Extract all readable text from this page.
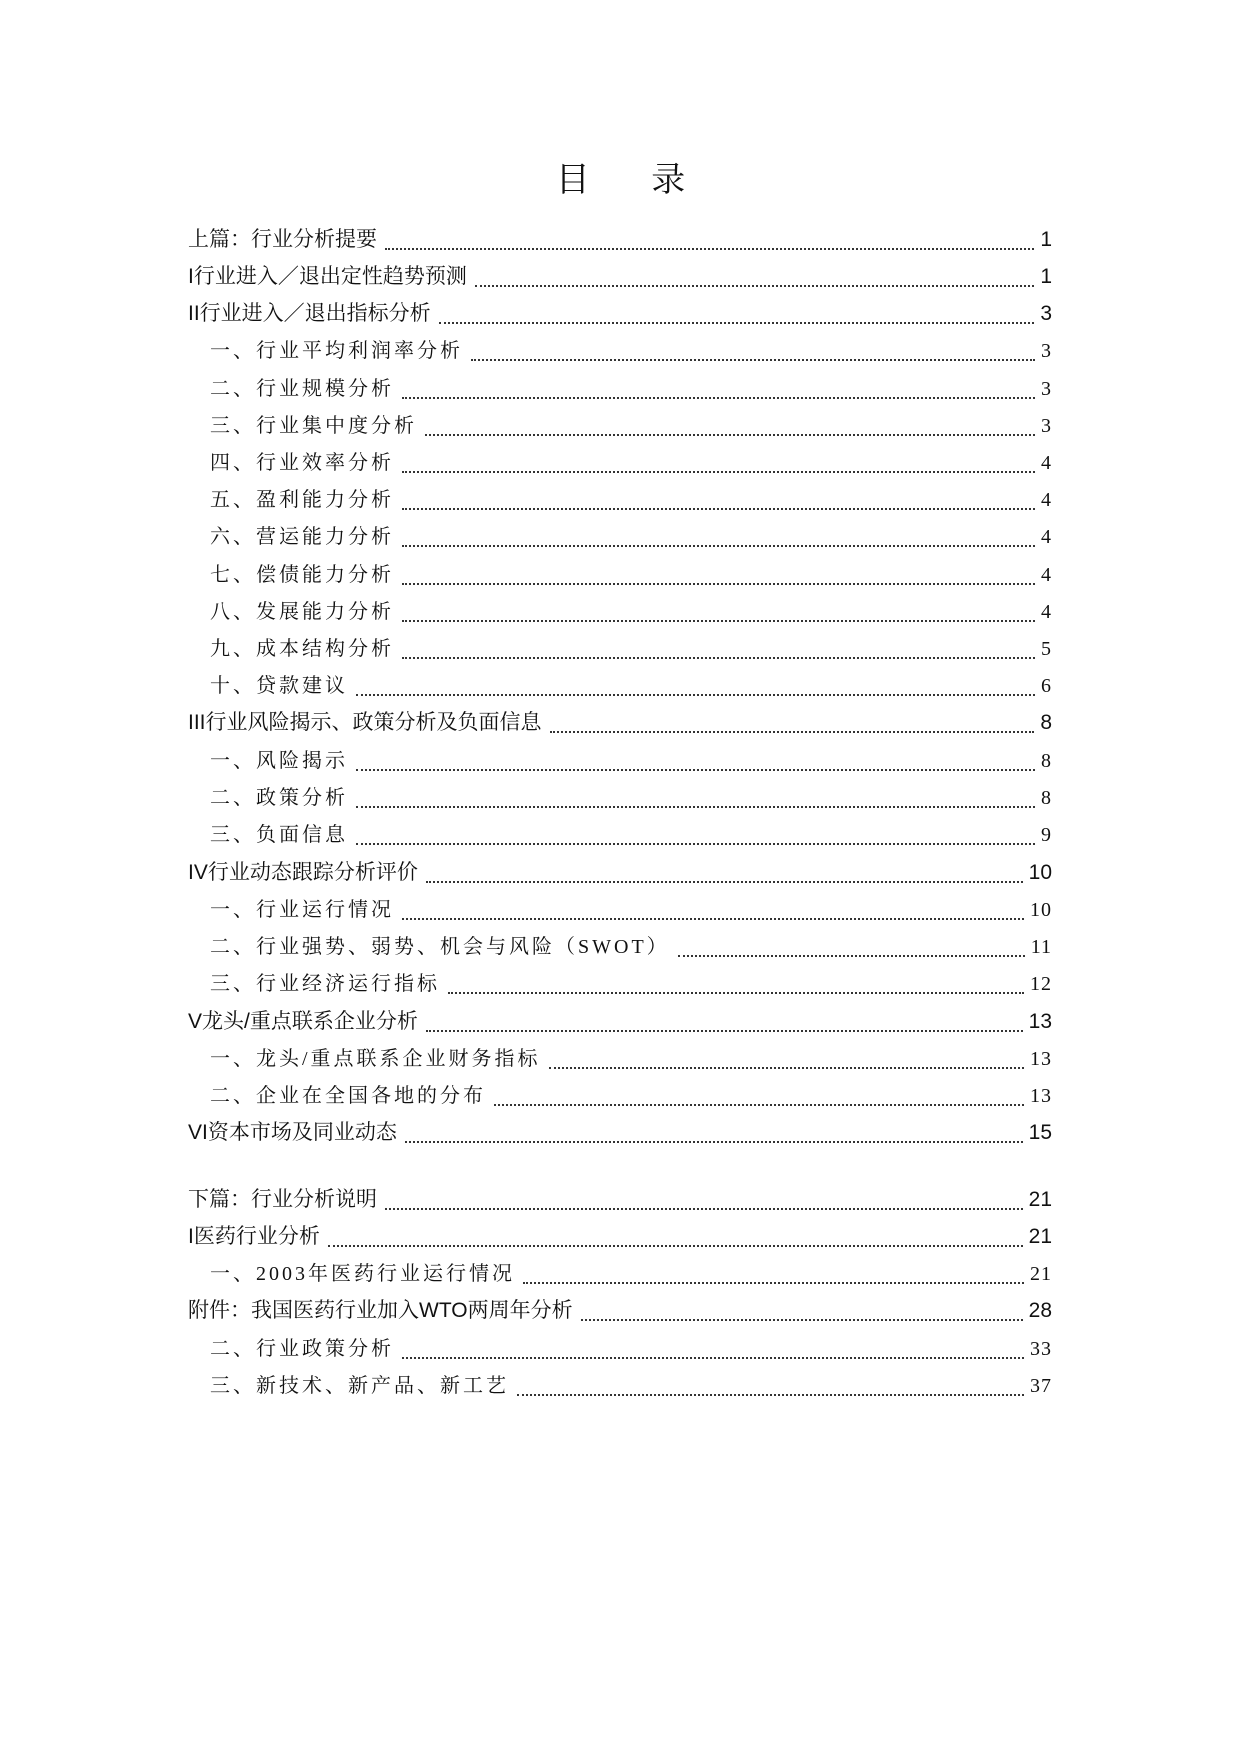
目 录
上篇：行业分析提要	1
I行业进入／退出定性趋势预测	1
II行业进入／退出指标分析	3
一、行业平均利润率分析	3
二、行业规模分析	3
三、行业集中度分析	3
四、行业效率分析	4
五、盈利能力分析	4
六、营运能力分析	4
七、偿债能力分析	4
八、发展能力分析	4
九、成本结构分析	5
十、贷款建议	6
III行业风险揭示、政策分析及负面信息	8
一、风险揭示	8
二、政策分析	8
三、负面信息	9
IV行业动态跟踪分析评价	10
一、行业运行情况	10
二、行业强势、弱势、机会与风险（SWOT）	11
三、行业经济运行指标	12
V龙头/重点联系企业分析	13
一、龙头/重点联系企业财务指标	13
二、企业在全国各地的分布	13
VI资本市场及同业动态	15
下篇：行业分析说明	21
I医药行业分析	21
一、2003年医药行业运行情况	21
附件：我国医药行业加入WTO两周年分析	28
二、行业政策分析	33
三、新技术、新产品、新工艺	37
